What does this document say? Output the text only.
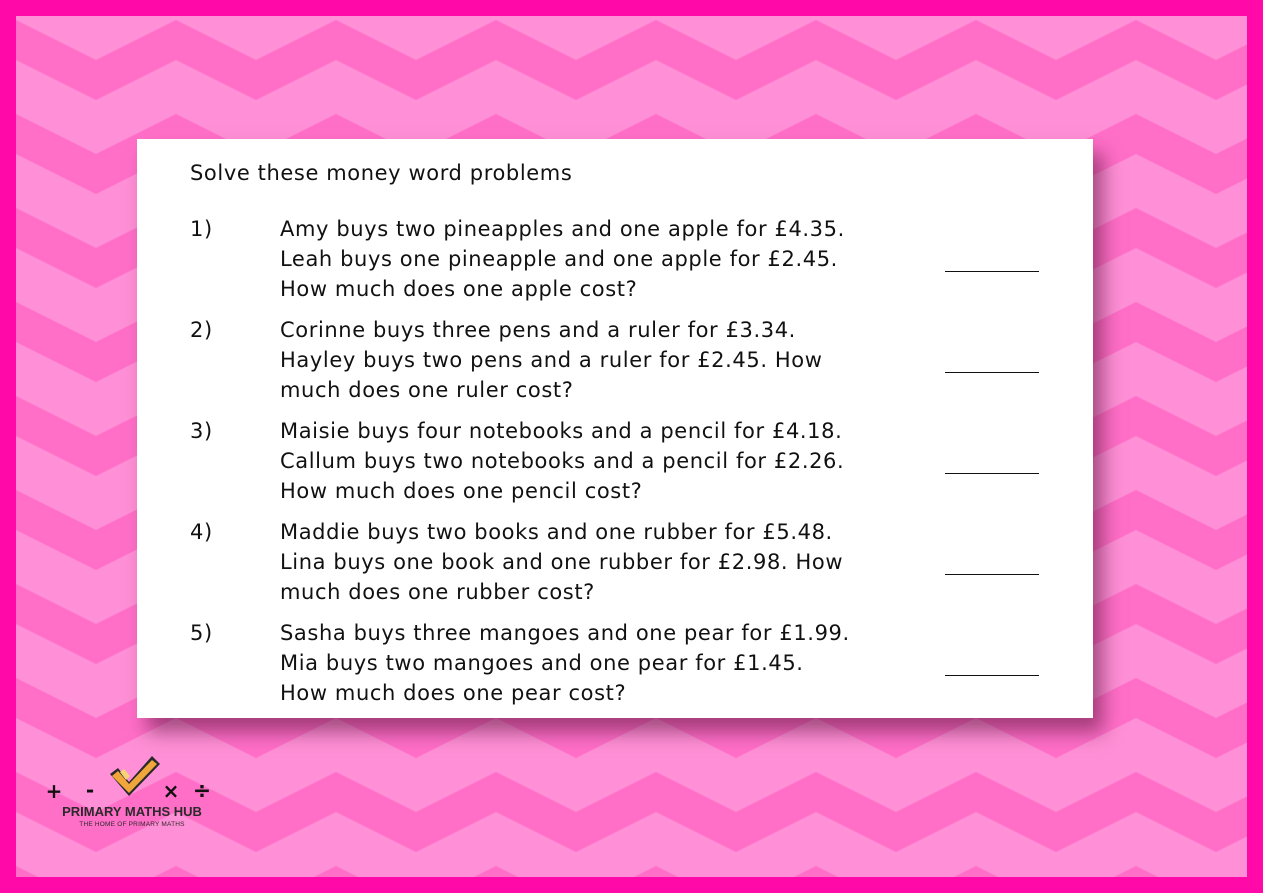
Solve these money word problems
1)	Amy buys two pineapples and one apple for £4.35.
Leah buys one pineapple and one apple for £2.45.
How much does one apple cost?
2)	Corinne buys three pens and a ruler for £3.34.
Hayley buys two pens and a ruler for £2.45. How
much does one ruler cost?
3)	Maisie buys four notebooks and a pencil for £4.18.
Callum buys two notebooks and a pencil for £2.26.
How much does one pencil cost?
4)	Maddie buys two books and one rubber for £5.48.
Lina buys one book and one rubber for £2.98. How
much does one rubber cost?
5)	Sasha buys three mangoes and one pear for £1.99.
Mia buys two mangoes and one pear for £1.45.
How much does one pear cost?
+ -	× ÷
PRIMARY MATHS HUB
THE HOME OF PRIMARY MATHS
